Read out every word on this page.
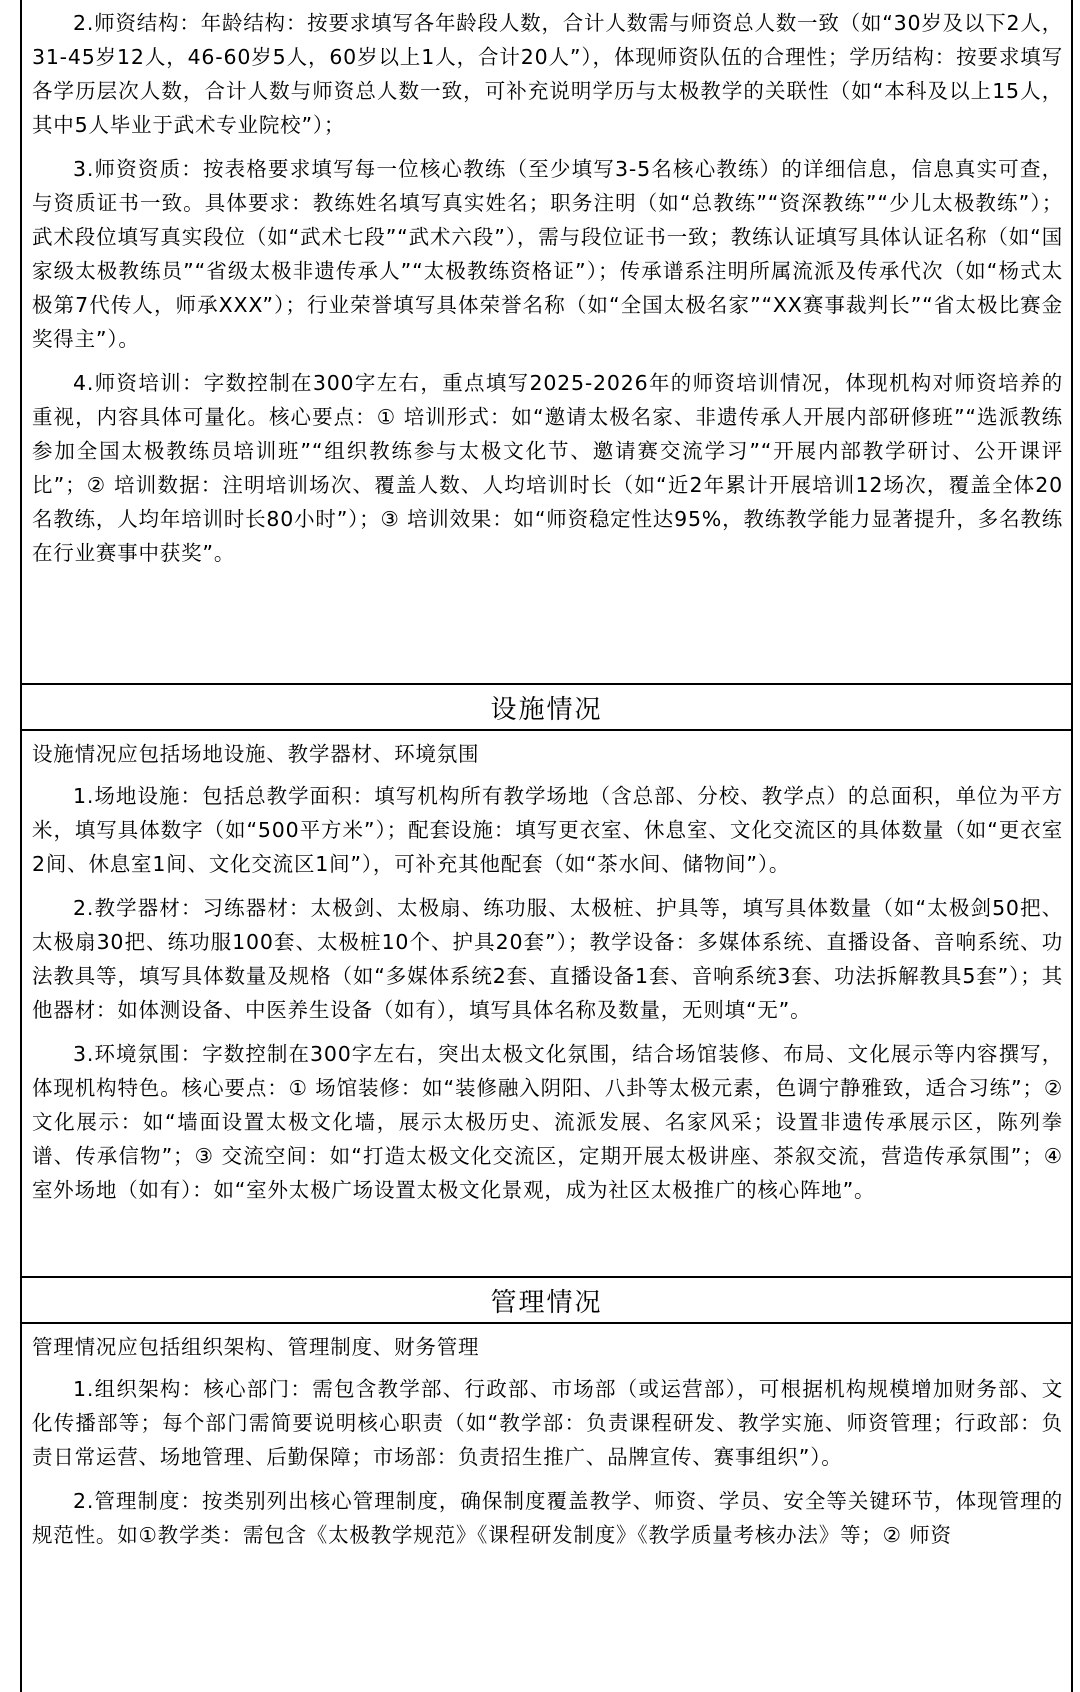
2.师资结构：年龄结构：按要求填写各年龄段人数，合计人数需与师资总人数一致（如“30岁及以下2人，31-45岁12人，46-60岁5人，60岁以上1人，合计20人”），体现师资队伍的合理性；学历结构：按要求填写各学历层次人数，合计人数与师资总人数一致，可补充说明学历与太极教学的关联性（如“本科及以上15人，其中5人毕业于武术专业院校”）；

3.师资资质：按表格要求填写每一位核心教练（至少填写3-5名核心教练）的详细信息，信息真实可查，与资质证书一致。具体要求：教练姓名填写真实姓名；职务注明（如“总教练”“资深教练”“少儿太极教练”）；武术段位填写真实段位（如“武术七段”“武术六段”），需与段位证书一致；教练认证填写具体认证名称（如“国家级太极教练员”“省级太极非遗传承人”“太极教练资格证”）；传承谱系注明所属流派及传承代次（如“杨式太极第7代传人，师承XXX”）；行业荣誉填写具体荣誉名称（如“全国太极名家”“XX赛事裁判长”“省太极比赛金奖得主”）。

4.师资培训：字数控制在300字左右，重点填写2025-2026年的师资培训情况，体现机构对师资培养的重视，内容具体可量化。核心要点：① 培训形式：如“邀请太极名家、非遗传承人开展内部研修班”“选派教练参加全国太极教练员培训班”“组织教练参与太极文化节、邀请赛交流学习”“开展内部教学研讨、公开课评比”；② 培训数据：注明培训场次、覆盖人数、人均培训时长（如“近2年累计开展培训12场次，覆盖全体20名教练，人均年培训时长80小时”）；③ 培训效果：如“师资稳定性达95%，教练教学能力显著提升，多名教练在行业赛事中获奖”。

设施情况

设施情况应包括场地设施、教学器材、环境氛围

1.场地设施：包括总教学面积：填写机构所有教学场地（含总部、分校、教学点）的总面积，单位为平方米，填写具体数字（如“500平方米”）；配套设施：填写更衣室、休息室、文化交流区的具体数量（如“更衣室2间、休息室1间、文化交流区1间”），可补充其他配套（如“茶水间、储物间”）。

2.教学器材：习练器材：太极剑、太极扇、练功服、太极桩、护具等，填写具体数量（如“太极剑50把、太极扇30把、练功服100套、太极桩10个、护具20套”）；教学设备：多媒体系统、直播设备、音响系统、功法教具等，填写具体数量及规格（如“多媒体系统2套、直播设备1套、音响系统3套、功法拆解教具5套”）；其他器材：如体测设备、中医养生设备（如有），填写具体名称及数量，无则填“无”。

3.环境氛围：字数控制在300字左右，突出太极文化氛围，结合场馆装修、布局、文化展示等内容撰写，体现机构特色。核心要点：① 场馆装修：如“装修融入阴阳、八卦等太极元素，色调宁静雅致，适合习练”；② 文化展示：如“墙面设置太极文化墙，展示太极历史、流派发展、名家风采；设置非遗传承展示区，陈列拳谱、传承信物”；③ 交流空间：如“打造太极文化交流区，定期开展太极讲座、茶叙交流，营造传承氛围”；④ 室外场地（如有）：如“室外太极广场设置太极文化景观，成为社区太极推广的核心阵地”。

管理情况

管理情况应包括组织架构、管理制度、财务管理

1.组织架构：核心部门：需包含教学部、行政部、市场部（或运营部），可根据机构规模增加财务部、文化传播部等；每个部门需简要说明核心职责（如“教学部：负责课程研发、教学实施、师资管理；行政部：负责日常运营、场地管理、后勤保障；市场部：负责招生推广、品牌宣传、赛事组织”）。

2.管理制度：按类别列出核心管理制度，确保制度覆盖教学、师资、学员、安全等关键环节，体现管理的规范性。如①教学类：需包含《太极教学规范》《课程研发制度》《教学质量考核办法》等；② 师资
